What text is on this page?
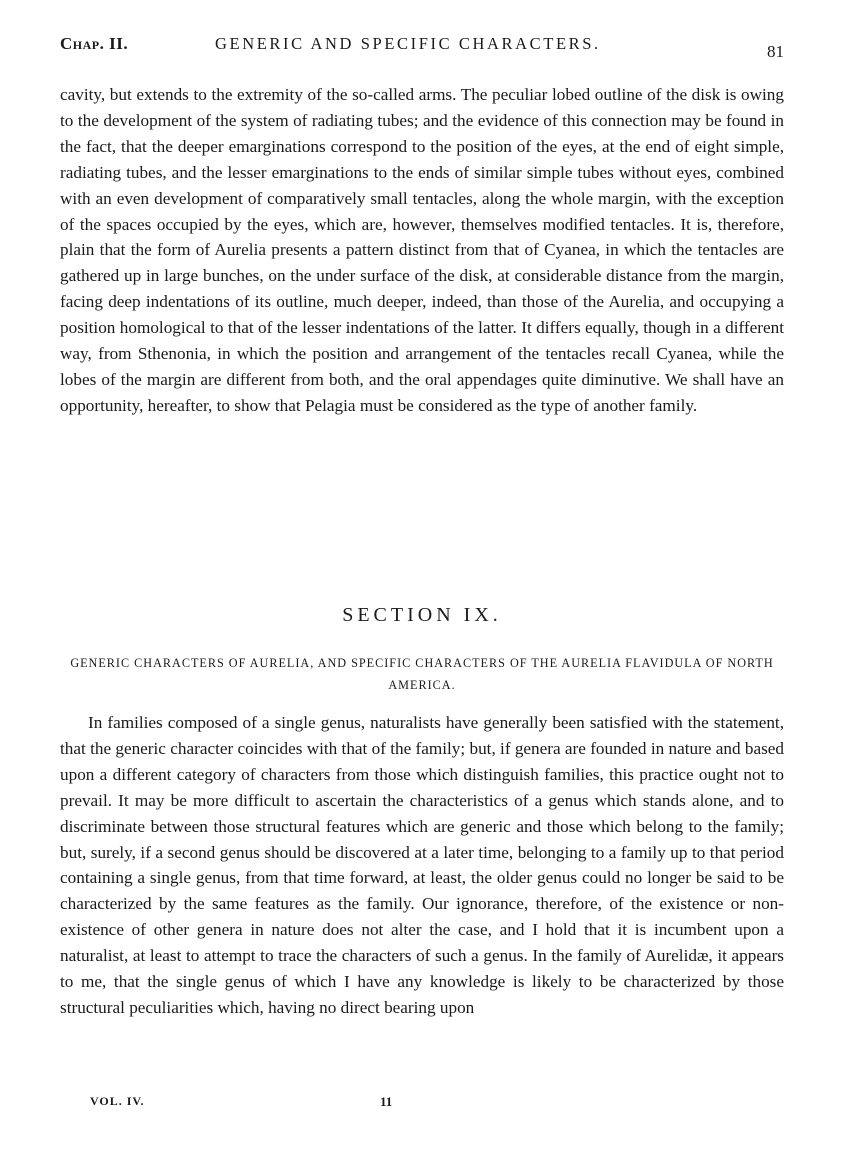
Chap. II.	GENERIC AND SPECIFIC CHARACTERS.	81

cavity, but extends to the extremity of the so-called arms. The peculiar lobed outline of the disk is owing to the development of the system of radiating tubes; and the evidence of this connection may be found in the fact, that the deeper emarginations correspond to the position of the eyes, at the end of eight simple, radiating tubes, and the lesser emarginations to the ends of similar simple tubes without eyes, combined with an even development of comparatively small tentacles, along the whole margin, with the exception of the spaces occupied by the eyes, which are, however, themselves modified tentacles. It is, therefore, plain that the form of Aurelia presents a pattern distinct from that of Cyanea, in which the tentacles are gathered up in large bunches, on the under surface of the disk, at considerable distance from the margin, facing deep indentations of its outline, much deeper, indeed, than those of the Aurelia, and occupying a position homological to that of the lesser indentations of the latter. It differs equally, though in a different way, from Sthenonia, in which the position and arrangement of the tentacles recall Cyanea, while the lobes of the margin are different from both, and the oral appendages quite diminutive. We shall have an opportunity, hereafter, to show that Pelagia must be considered as the type of another family.

SECTION IX.
GENERIC CHARACTERS OF AURELIA, AND SPECIFIC CHARACTERS OF THE AURELIA FLAVIDULA OF NORTH AMERICA.

In families composed of a single genus, naturalists have generally been satisfied with the statement, that the generic character coincides with that of the family; but, if genera are founded in nature and based upon a different category of characters from those which distinguish families, this practice ought not to prevail. It may be more difficult to ascertain the characteristics of a genus which stands alone, and to discriminate between those structural features which are generic and those which belong to the family; but, surely, if a second genus should be discovered at a later time, belonging to a family up to that period containing a single genus, from that time forward, at least, the older genus could no longer be said to be characterized by the same features as the family. Our ignorance, therefore, of the existence or non-existence of other genera in nature does not alter the case, and I hold that it is incumbent upon a naturalist, at least to attempt to trace the characters of such a genus. In the family of Aurelidæ, it appears to me, that the single genus of which I have any knowledge is likely to be characterized by those structural peculiarities which, having no direct bearing upon

VOL. IV.	11
